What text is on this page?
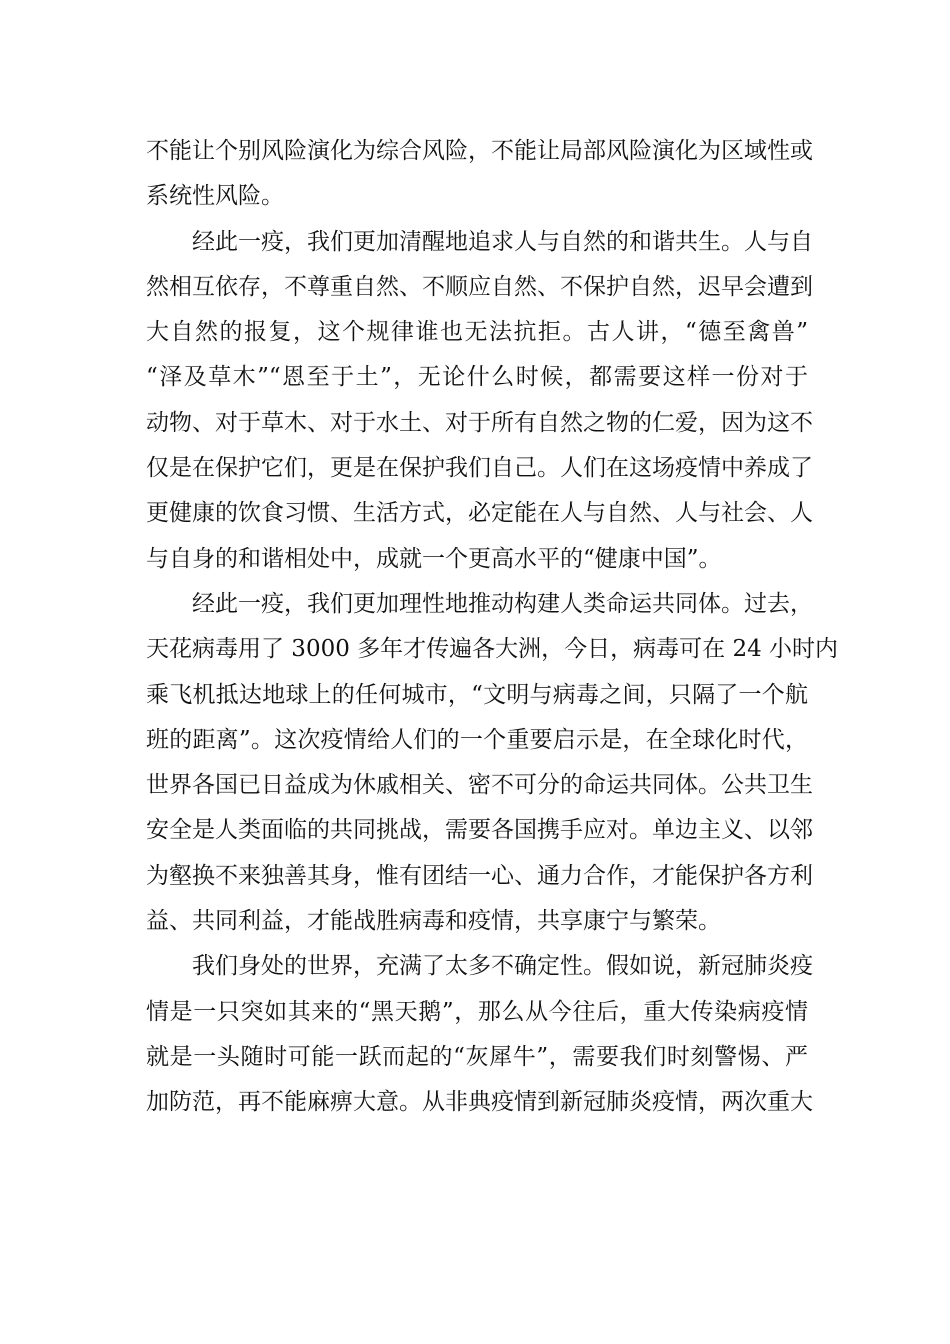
不能让个别风险演化为综合风险，不能让局部风险演化为区域性或
系统性风险。
经此一疫，我们更加清醒地追求人与自然的和谐共生。人与自
然相互依存，不尊重自然、不顺应自然、不保护自然，迟早会遭到
大自然的报复，这个规律谁也无法抗拒。古人讲，“德至禽兽”
“泽及草木”“恩至于土”，无论什么时候，都需要这样一份对于
动物、对于草木、对于水土、对于所有自然之物的仁爱，因为这不
仅是在保护它们，更是在保护我们自己。人们在这场疫情中养成了
更健康的饮食习惯、生活方式，必定能在人与自然、人与社会、人
与自身的和谐相处中，成就一个更高水平的“健康中国”。
经此一疫，我们更加理性地推动构建人类命运共同体。过去，
天花病毒用了 3000 多年才传遍各大洲，今日，病毒可在 24 小时内
乘飞机抵达地球上的任何城市，“文明与病毒之间，只隔了一个航
班的距离”。这次疫情给人们的一个重要启示是，在全球化时代，
世界各国已日益成为休戚相关、密不可分的命运共同体。公共卫生
安全是人类面临的共同挑战，需要各国携手应对。单边主义、以邻
为壑换不来独善其身，惟有团结一心、通力合作，才能保护各方利
益、共同利益，才能战胜病毒和疫情，共享康宁与繁荣。
我们身处的世界，充满了太多不确定性。假如说，新冠肺炎疫
情是一只突如其来的“黑天鹅”，那么从今往后，重大传染病疫情
就是一头随时可能一跃而起的“灰犀牛”，需要我们时刻警惕、严
加防范，再不能麻痹大意。从非典疫情到新冠肺炎疫情，两次重大
